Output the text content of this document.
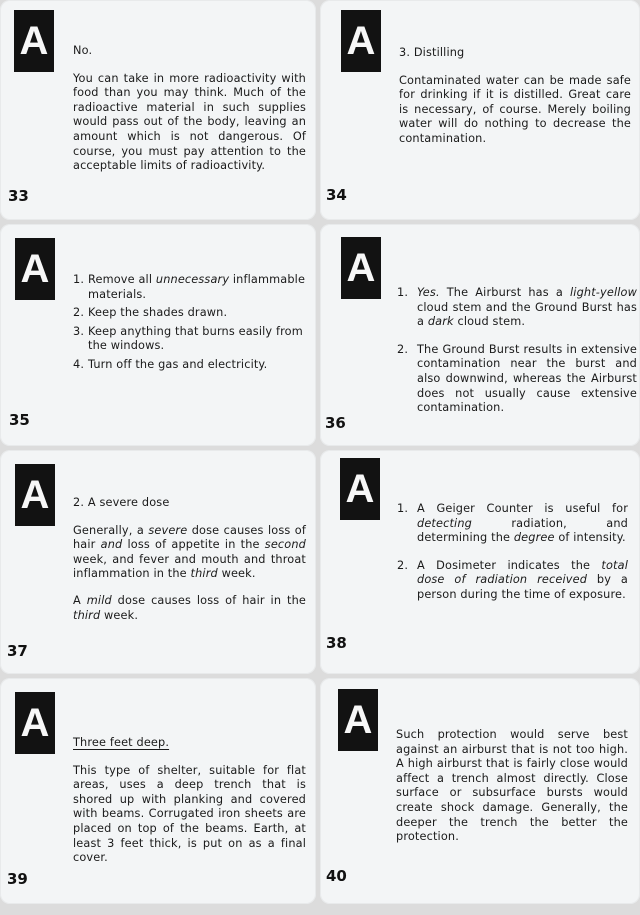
A	No.

You can take in more radioactivity with food than you may think. Much of the radioactive material in such supplies would pass out of the body, leaving an amount which is not dangerous. Of course, you must pay attention to the acceptable limits of radioactivity.

33
A	3. Distilling

Contaminated water can be made safe for drinking if it is distilled. Great care is necessary, of course. Merely boiling water will do nothing to decrease the contamination.

34
A	1. Remove all unnecessary inflammable materials.
2. Keep the shades drawn.
3. Keep anything that burns easily from the windows.
4. Turn off the gas and electricity.
35
A
1. Yes. The Airburst has a light-yellow cloud stem and the Ground Burst has a dark cloud stem.
2. The Ground Burst results in extensive contamination near the burst and also downwind, whereas the Airburst does not usually cause extensive contamination.
36
A	2. A severe dose

Generally, a severe dose causes loss of hair and loss of appetite in the second week, and fever and mouth and throat inflammation in the third week.

A mild dose causes loss of hair in the third week.

37
A	1. A Geiger Counter is useful for detecting radiation, and determining the degree of intensity.
2. A Dosimeter indicates the total dose of radiation received by a person during the time of exposure.
38
A	Three feet deep.

This type of shelter, suitable for flat areas, uses a deep trench that is shored up with planking and covered with beams. Corrugated iron sheets are placed on top of the beams. Earth, at least 3 feet thick, is put on as a final cover.

39
A	Such protection would serve best against an airburst that is not too high. A high airburst that is fairly close would affect a trench almost directly. Close surface or subsurface bursts would create shock damage. Generally, the deeper the trench the better the protection.

40
